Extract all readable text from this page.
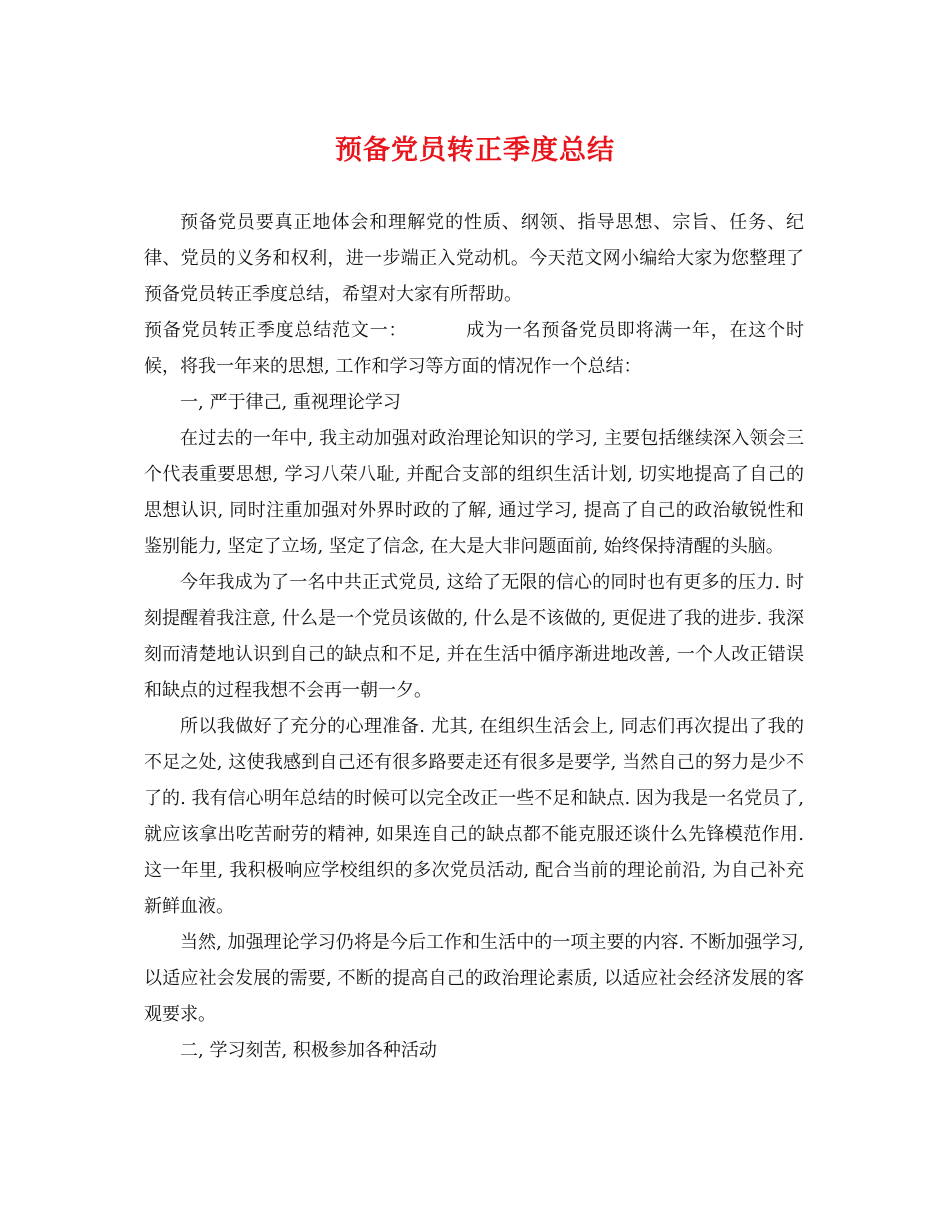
预备党员转正季度总结

预备党员要真正地体会和理解党的性质、纲领、指导思想、宗旨、任务、纪律、党员的义务和权利，进一步端正入党动机。今天范文网小编给大家为您整理了预备党员转正季度总结，希望对大家有所帮助。

预备党员转正季度总结范文一：	成为一名预备党员即将满一年，在这个时候，将我一年来的思想, 工作和学习等方面的情况作一个总结：

一, 严于律己, 重视理论学习

在过去的一年中, 我主动加强对政治理论知识的学习, 主要包括继续深入领会三个代表重要思想, 学习八荣八耻, 并配合支部的组织生活计划, 切实地提高了自己的思想认识, 同时注重加强对外界时政的了解, 通过学习, 提高了自己的政治敏锐性和鉴别能力, 坚定了立场, 坚定了信念, 在大是大非问题面前, 始终保持清醒的头脑。

今年我成为了一名中共正式党员, 这给了无限的信心的同时也有更多的压力. 时刻提醒着我注意, 什么是一个党员该做的, 什么是不该做的, 更促进了我的进步. 我深刻而清楚地认识到自己的缺点和不足, 并在生活中循序渐进地改善, 一个人改正错误和缺点的过程我想不会再一朝一夕。

所以我做好了充分的心理准备. 尤其, 在组织生活会上, 同志们再次提出了我的不足之处, 这使我感到自己还有很多路要走还有很多是要学, 当然自己的努力是少不了的. 我有信心明年总结的时候可以完全改正一些不足和缺点. 因为我是一名党员了, 就应该拿出吃苦耐劳的精神, 如果连自己的缺点都不能克服还谈什么先锋模范作用. 这一年里, 我积极响应学校组织的多次党员活动, 配合当前的理论前沿, 为自己补充新鲜血液。

当然, 加强理论学习仍将是今后工作和生活中的一项主要的内容. 不断加强学习, 以适应社会发展的需要, 不断的提高自己的政治理论素质, 以适应社会经济发展的客观要求。

二, 学习刻苦, 积极参加各种活动
